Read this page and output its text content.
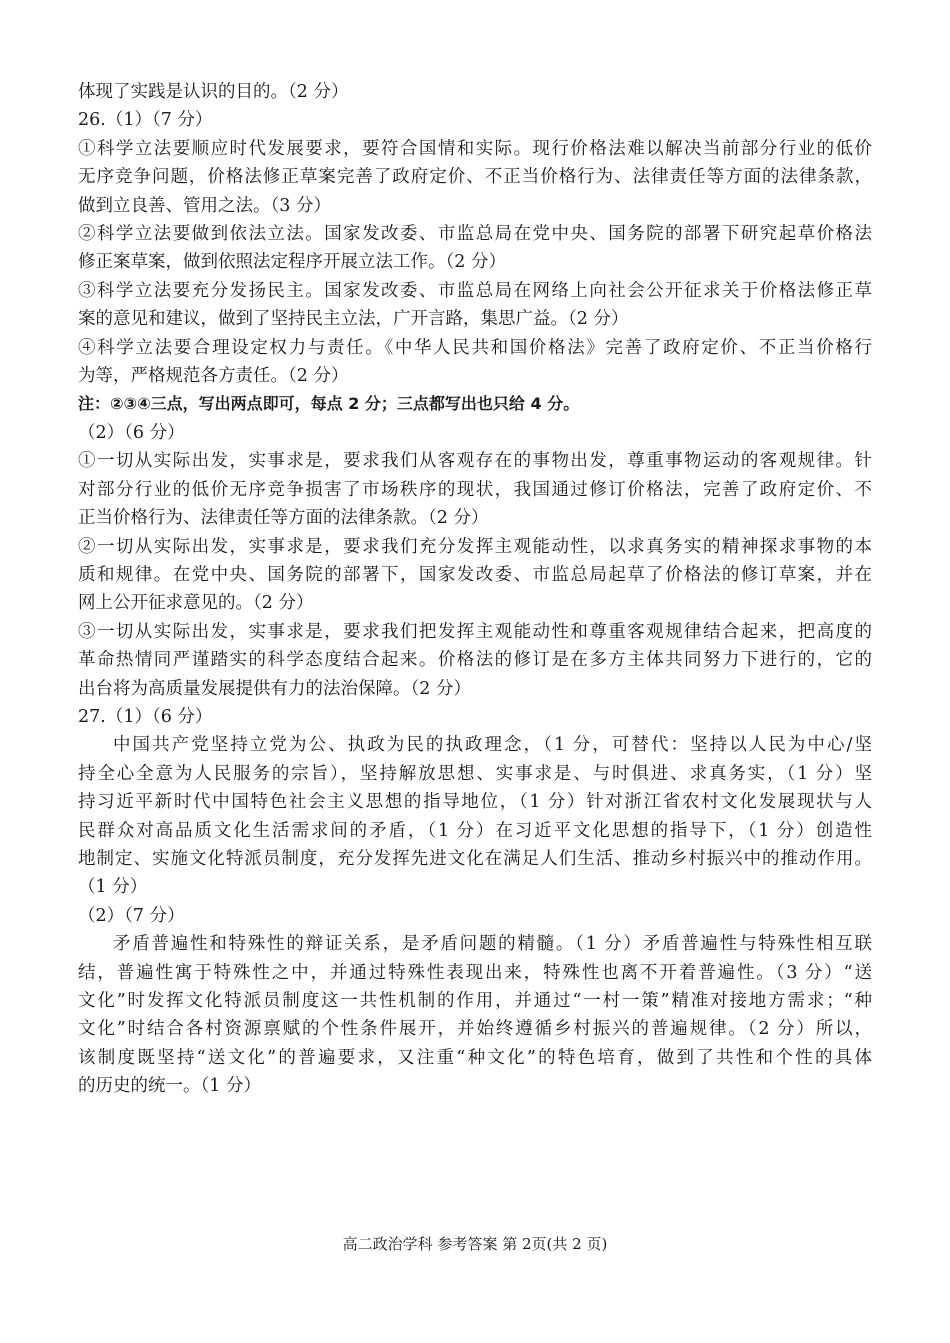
体现了实践是认识的目的。（2 分）
26.（1）（7 分）
①科学立法要顺应时代发展要求，要符合国情和实际。现行价格法难以解决当前部分行业的低价
无序竞争问题，价格法修正草案完善了政府定价、不正当价格行为、法律责任等方面的法律条款，
做到立良善、管用之法。（3 分）
②科学立法要做到依法立法。国家发改委、市监总局在党中央、国务院的部署下研究起草价格法
修正案草案，做到依照法定程序开展立法工作。（2 分）
③科学立法要充分发扬民主。国家发改委、市监总局在网络上向社会公开征求关于价格法修正草
案的意见和建议，做到了坚持民主立法，广开言路，集思广益。（2 分）
④科学立法要合理设定权力与责任。《中华人民共和国价格法》完善了政府定价、不正当价格行
为等，严格规范各方责任。（2 分）
注：②③④三点，写出两点即可，每点 2 分；三点都写出也只给 4 分。
（2）（6 分）
①一切从实际出发，实事求是，要求我们从客观存在的事物出发，尊重事物运动的客观规律。针
对部分行业的低价无序竞争损害了市场秩序的现状，我国通过修订价格法，完善了政府定价、不
正当价格行为、法律责任等方面的法律条款。（2 分）
②一切从实际出发，实事求是，要求我们充分发挥主观能动性，以求真务实的精神探求事物的本
质和规律。在党中央、国务院的部署下，国家发改委、市监总局起草了价格法的修订草案，并在
网上公开征求意见的。（2 分）
③一切从实际出发，实事求是，要求我们把发挥主观能动性和尊重客观规律结合起来，把高度的
革命热情同严谨踏实的科学态度结合起来。价格法的修订是在多方主体共同努力下进行的，它的
出台将为高质量发展提供有力的法治保障。（2 分）
27.（1）（6 分）
中国共产党坚持立党为公、执政为民的执政理念，（1 分，可替代：坚持以人民为中心/坚
持全心全意为人民服务的宗旨），坚持解放思想、实事求是、与时俱进、求真务实，（1 分）坚
持习近平新时代中国特色社会主义思想的指导地位，（1 分）针对浙江省农村文化发展现状与人
民群众对高品质文化生活需求间的矛盾，（1 分）在习近平文化思想的指导下，（1 分）创造性
地制定、实施文化特派员制度，充分发挥先进文化在满足人们生活、推动乡村振兴中的推动作用。
（1 分）
（2）（7 分）
矛盾普遍性和特殊性的辩证关系，是矛盾问题的精髓。（1 分）矛盾普遍性与特殊性相互联
结，普遍性寓于特殊性之中，并通过特殊性表现出来，特殊性也离不开着普遍性。（3 分）“送
文化”时发挥文化特派员制度这一共性机制的作用，并通过“一村一策”精准对接地方需求；“种
文化”时结合各村资源禀赋的个性条件展开，并始终遵循乡村振兴的普遍规律。（2 分）所以，
该制度既坚持“送文化”的普遍要求，又注重“种文化”的特色培育，做到了共性和个性的具体
的历史的统一。（1 分）
高二政治学科 参考答案 第 2页(共 2 页)
